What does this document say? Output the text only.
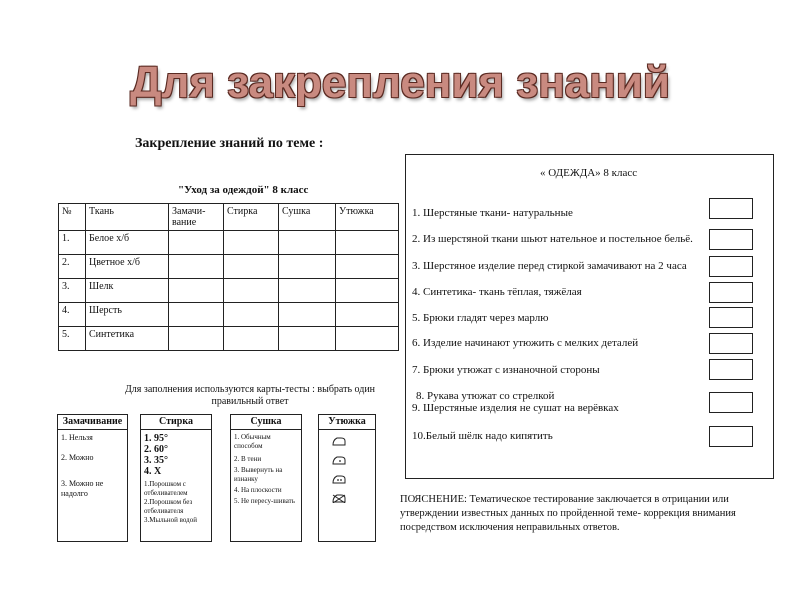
Для закрепления знаний
Закрепление знаний по теме :
"Уход за одеждой" 8 класс
№	Ткань	Замачи-вание	Стирка	Сушка	Утюжка
1.	Белое х/б				
2.	Цветное х/б				
3.	Шелк				
4.	Шерсть				
5.	Синтетика				
Для заполнения используются карты-тесты : выбрать один правильный ответ
Замачивание
1. Нельзя
2. Можно
3. Можно не надолго
Стирка
1. 95°
2. 60°
3. 35°
4. Х
1.Порошком с отбеливателем
2.Порошком без отбеливателя
3.Мыльной водой
Сушка
1. Обычным способом
2. В тени
3. Вывернуть на изнанку
4. На плоскости
5. Не пересу-шивать
Утюжка
« ОДЕЖДА» 8 класс
1. Шерстяные ткани- натуральные
2. Из шерстяной ткани шьют нательное и постельное бельё.
3. Шерстяное изделие перед стиркой замачивают на 2 часа
4. Синтетика- ткань тёплая, тяжёлая
5. Брюки гладят через марлю
6. Изделие начинают утюжить с мелких деталей
7. Брюки утюжат с изнаночной стороны
8. Рукава утюжат со стрелкой
9. Шерстяные изделия не сушат на верёвках
10.Белый шёлк надо кипятить
ПОЯСНЕНИЕ: Тематическое тестирование заключается в отрицании или утверждении известных данных по пройденной теме- коррекция внимания посредством исключения неправильных ответов.
